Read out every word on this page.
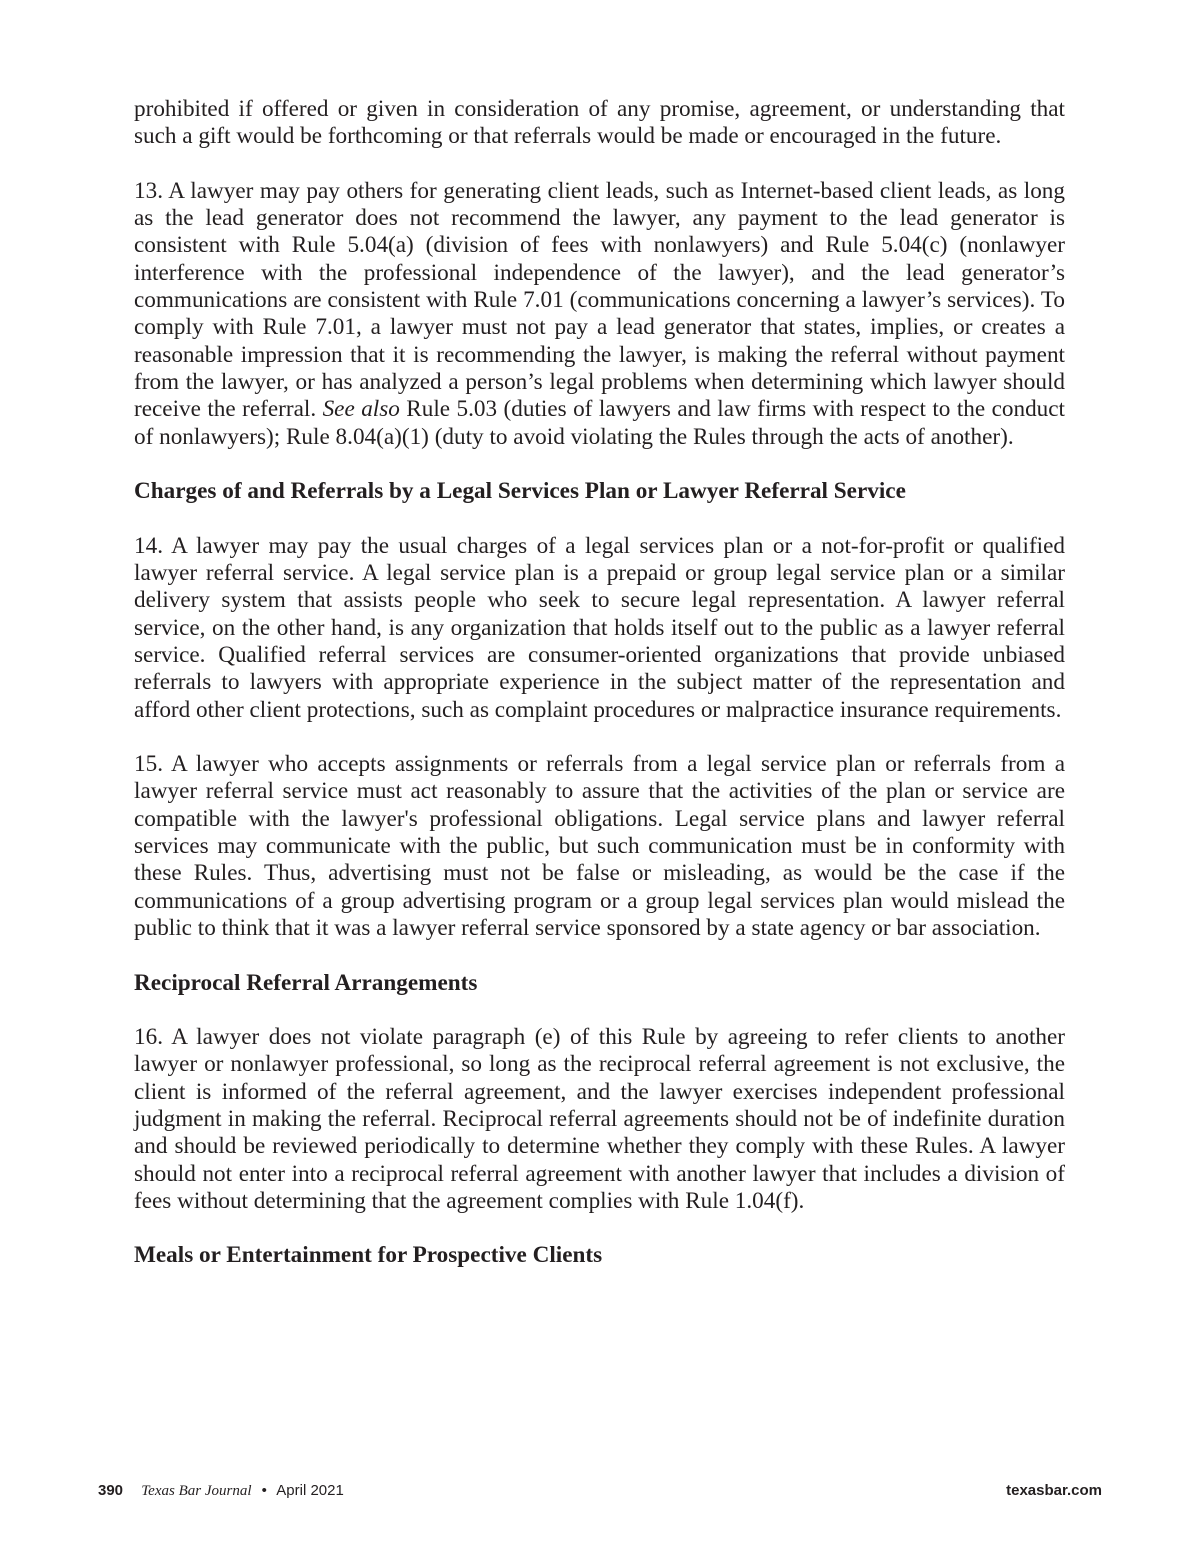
prohibited if offered or given in consideration of any promise, agreement, or understanding that such a gift would be forthcoming or that referrals would be made or encouraged in the future.

13. A lawyer may pay others for generating client leads, such as Internet-based client leads, as long as the lead generator does not recommend the lawyer, any payment to the lead generator is consistent with Rule 5.04(a) (division of fees with nonlawyers) and Rule 5.04(c) (nonlawyer interference with the professional independence of the lawyer), and the lead generator’s communications are consistent with Rule 7.01 (communications concerning a lawyer’s services). To comply with Rule 7.01, a lawyer must not pay a lead generator that states, implies, or creates a reasonable impression that it is recommending the lawyer, is making the referral without payment from the lawyer, or has analyzed a person’s legal problems when determining which lawyer should receive the referral. See also Rule 5.03 (duties of lawyers and law firms with respect to the conduct of nonlawyers); Rule 8.04(a)(1) (duty to avoid violating the Rules through the acts of another).

Charges of and Referrals by a Legal Services Plan or Lawyer Referral Service

14. A lawyer may pay the usual charges of a legal services plan or a not-for-profit or qualified lawyer referral service. A legal service plan is a prepaid or group legal service plan or a similar delivery system that assists people who seek to secure legal representation. A lawyer referral service, on the other hand, is any organization that holds itself out to the public as a lawyer referral service. Qualified referral services are consumer-oriented organizations that provide unbiased referrals to lawyers with appropriate experience in the subject matter of the representation and afford other client protections, such as complaint procedures or malpractice insurance requirements.

15. A lawyer who accepts assignments or referrals from a legal service plan or referrals from a lawyer referral service must act reasonably to assure that the activities of the plan or service are compatible with the lawyer's professional obligations. Legal service plans and lawyer referral services may communicate with the public, but such communication must be in conformity with these Rules. Thus, advertising must not be false or misleading, as would be the case if the communications of a group advertising program or a group legal services plan would mislead the public to think that it was a lawyer referral service sponsored by a state agency or bar association.

Reciprocal Referral Arrangements

16. A lawyer does not violate paragraph (e) of this Rule by agreeing to refer clients to another lawyer or nonlawyer professional, so long as the reciprocal referral agreement is not exclusive, the client is informed of the referral agreement, and the lawyer exercises independent professional judgment in making the referral. Reciprocal referral agreements should not be of indefinite duration and should be reviewed periodically to determine whether they comply with these Rules. A lawyer should not enter into a reciprocal referral agreement with another lawyer that includes a division of fees without determining that the agreement complies with Rule 1.04(f).

Meals or Entertainment for Prospective Clients
390 Texas Bar Journal • April 2021	texasbar.com
